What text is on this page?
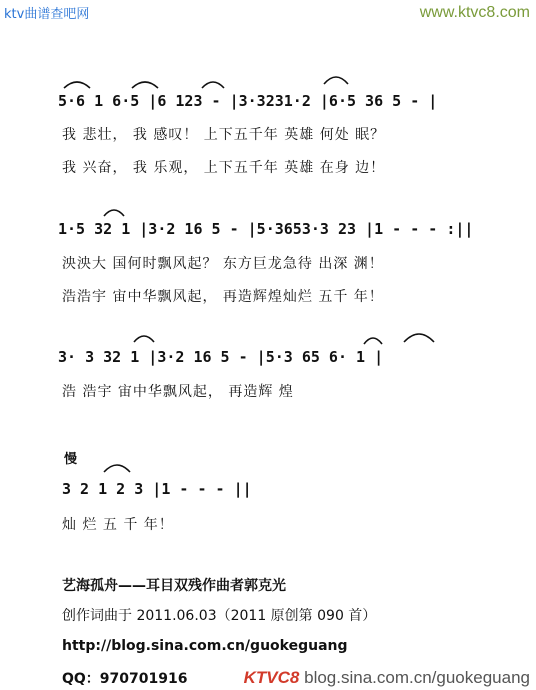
ktv曲谱查吧网	www.ktvc8.com
5·6 1 6·5 |6 123 - |3·3231·2 |6·5 36 5 - |
我 悲壮， 我 感叹！ 上下五千年 英雄 何处 眠？
我 兴奋， 我 乐观， 上下五千年 英雄 在身 边！
1·5 32 1 |3·2 16 5 - |5·3653·3 23 |1 - - - :||
泱泱大 国何时飘风起？ 东方巨龙急待 出深 渊！
浩浩宇 宙中华飘风起， 再造辉煌灿烂 五千 年！
3· 3 32 1 |3·2 16 5 - |5·3 65 6· 1 |
浩 浩宇 宙中华飘风起， 再造辉 煌
慢
3 2 1 2 3 |1 - - - ||
灿 烂 五 千 年！
艺海孤舟——耳目双残作曲者郭克光
创作词曲于 2011.06.03（2011 原创第 090 首）
http://blog.sina.com.cn/guokeguang
QQ：970701916	KTVC8 blog.sina.com.cn/guokeguang
